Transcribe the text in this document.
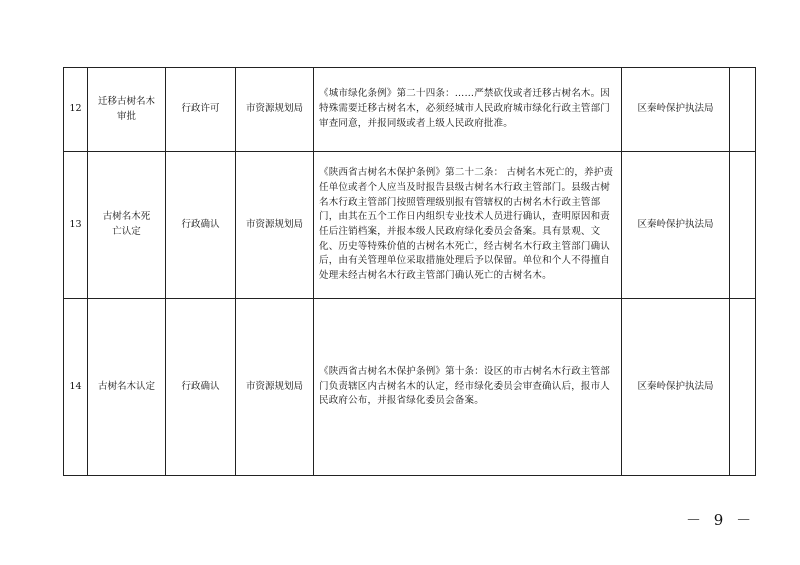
12	迁移古树名木审批	行政许可	市资源规划局	《城市绿化条例》第二十四条：……严禁砍伐或者迁移古树名木。因特殊需要迁移古树名木，必须经城市人民政府城市绿化行政主管部门审查同意，并报同级或者上级人民政府批准。	区秦岭保护执法局	
13	古树名木死亡认定	行政确认	市资源规划局	《陕西省古树名木保护条例》第二十二条： 古树名木死亡的，养护责任单位或者个人应当及时报告县级古树名木行政主管部门。县级古树名木行政主管部门按照管理级别报有管辖权的古树名木行政主管部门，由其在五个工作日内组织专业技术人员进行确认，查明原因和责任后注销档案，并报本级人民政府绿化委员会备案。具有景观、文化、历史等特殊价值的古树名木死亡，经古树名木行政主管部门确认后，由有关管理单位采取措施处理后予以保留。单位和个人不得擅自处理未经古树名木行政主管部门确认死亡的古树名木。	区秦岭保护执法局	
14	古树名木认定	行政确认	市资源规划局	《陕西省古树名木保护条例》第十条：设区的市古树名木行政主管部门负责辖区内古树名木的认定，经市绿化委员会审查确认后，报市人民政府公布，并报省绿化委员会备案。	区秦岭保护执法局	
－ 9 －
